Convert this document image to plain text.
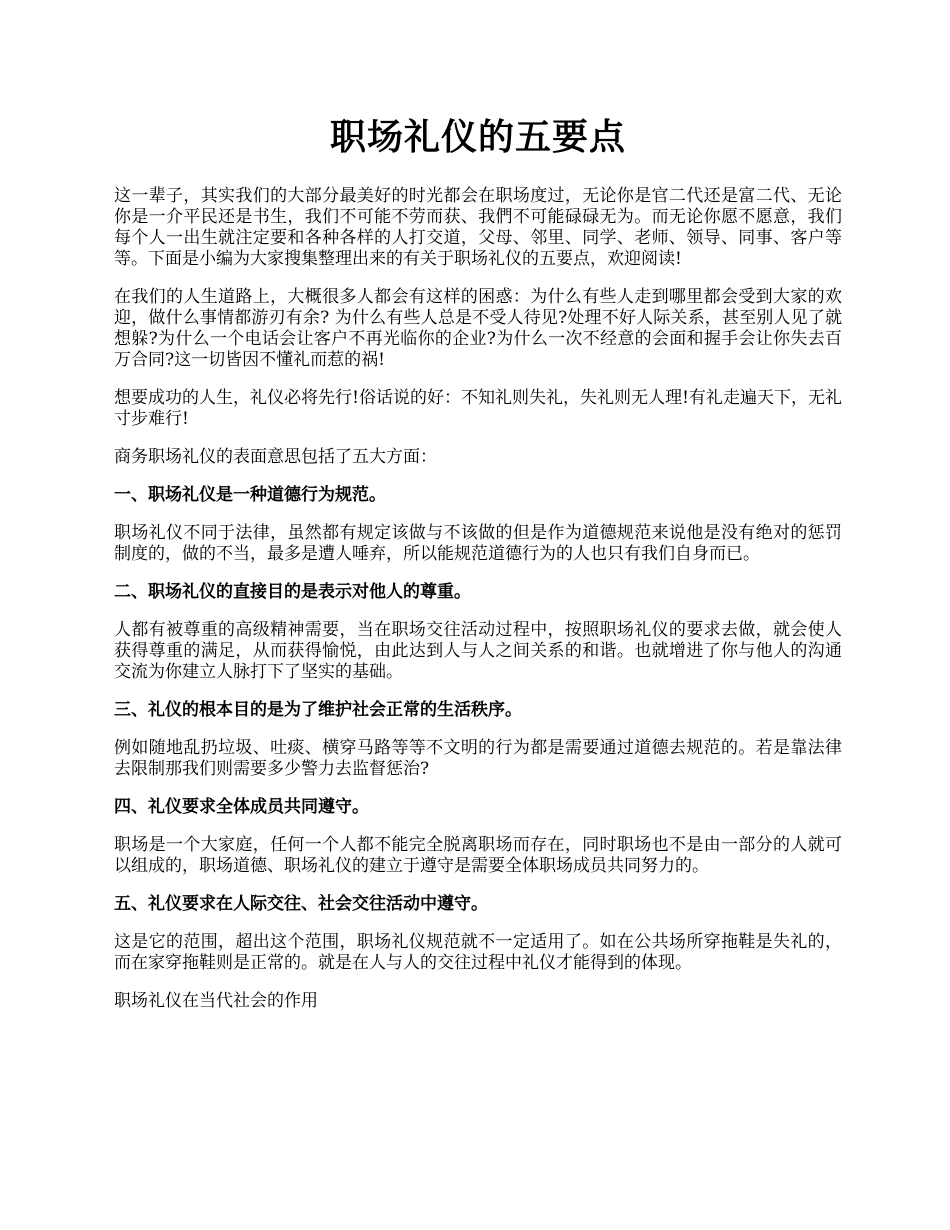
职场礼仪的五要点

这一辈子，其实我们的大部分最美好的时光都会在职场度过，无论你是官二代还是富二代、无论你是一介平民还是书生，我们不可能不劳而获、我們不可能碌碌无为。而无论你愿不愿意，我们每个人一出生就注定要和各种各样的人打交道，父母、邻里、同学、老师、领导、同事、客户等等。下面是小编为大家搜集整理出来的有关于职场礼仪的五要点，欢迎阅读!

在我们的人生道路上，大概很多人都会有这样的困惑：为什么有些人走到哪里都会受到大家的欢迎，做什么事情都游刃有余? 为什么有些人总是不受人待见?处理不好人际关系，甚至别人见了就想躲?为什么一个电话会让客户不再光临你的企业?为什么一次不经意的会面和握手会让你失去百万合同?这一切皆因不懂礼而惹的祸!

想要成功的人生，礼仪必将先行!俗话说的好：不知礼则失礼，失礼则无人理!有礼走遍天下，无礼寸步难行!

商务职场礼仪的表面意思包括了五大方面：

一、职场礼仪是一种道德行为规范。

职场礼仪不同于法律，虽然都有规定该做与不该做的但是作为道德规范来说他是没有绝对的惩罚制度的，做的不当，最多是遭人唾弃，所以能规范道德行为的人也只有我们自身而已。

二、职场礼仪的直接目的是表示对他人的尊重。

人都有被尊重的高级精神需要，当在职场交往活动过程中，按照职场礼仪的要求去做，就会使人获得尊重的满足，从而获得愉悦，由此达到人与人之间关系的和谐。也就增进了你与他人的沟通交流为你建立人脉打下了坚实的基础。

三、礼仪的根本目的是为了维护社会正常的生活秩序。

例如随地乱扔垃圾、吐痰、横穿马路等等不文明的行为都是需要通过道德去规范的。若是靠法律去限制那我们则需要多少警力去监督惩治?

四、礼仪要求全体成员共同遵守。

职场是一个大家庭，任何一个人都不能完全脱离职场而存在，同时职场也不是由一部分的人就可以组成的，职场道德、职场礼仪的建立于遵守是需要全体职场成员共同努力的。

五、礼仪要求在人际交往、社会交往活动中遵守。

这是它的范围，超出这个范围，职场礼仪规范就不一定适用了。如在公共场所穿拖鞋是失礼的，而在家穿拖鞋则是正常的。就是在人与人的交往过程中礼仪才能得到的体现。

职场礼仪在当代社会的作用
